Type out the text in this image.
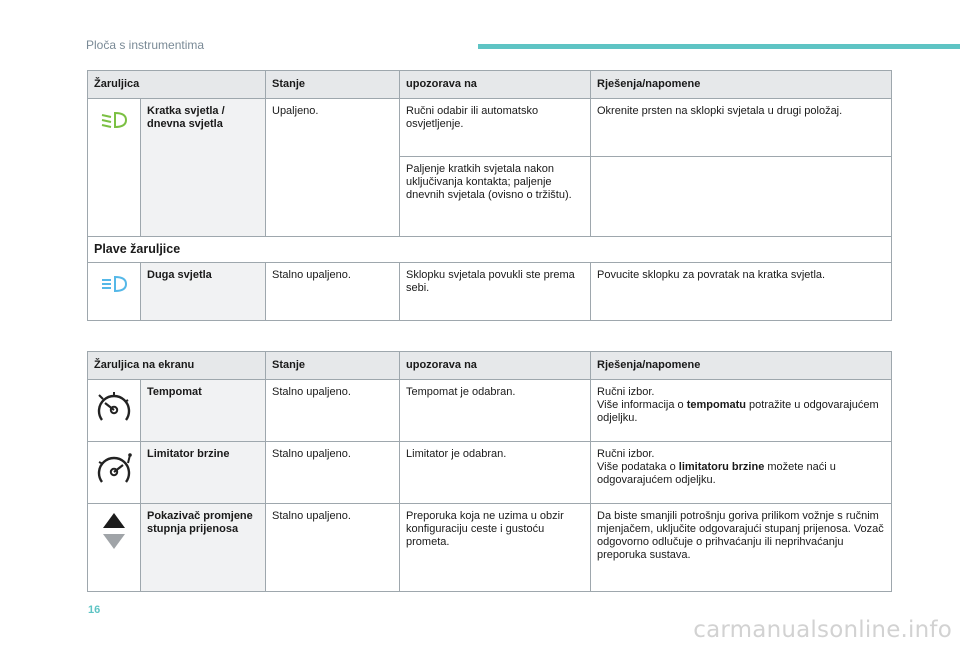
Ploča s instrumentima
Žaruljica		Stanje	upozorava na	Rješenja/napomene

	Kratka svjetla / dnevna svjetla	Upaljeno.	Ručni odabir ili automatsko osvjetljenje.	Okrenite prsten na sklopki svjetala u drugi položaj.
			Paljenje kratkih svjetala nakon uključivanja kontakta; paljenje dnevnih svjetala (ovisno o tržištu).	
Plave žaruljice				

	Duga svjetla	Stalno upaljeno.	Sklopku svjetala povukli ste prema sebi.	Povucite sklopku za povratak na kratka svjetla.
Žaruljica na ekranu		Stanje	upozorava na	Rješenja/napomene

	Tempomat	Stalno upaljeno.	Tempomat je odabran.	Ručni izbor.
Više informacija o tempomatu potražite u odgovarajućem odjeljku.

	Limitator brzine	Stalno upaljeno.	Limitator je odabran.	Ručni izbor.
Više podataka o limitatoru brzine možete naći u odgovarajućem odjeljku.

	Pokazivač promjene stupnja prijenosa	Stalno upaljeno.	Preporuka koja ne uzima u obzir konfiguraciju ceste i gustoću prometa.	Da biste smanjili potrošnju goriva prilikom vožnje s ručnim mjenjačem, uključite odgovarajući stupanj prijenosa. Vozač odgovorno odlučuje o prihvaćanju ili neprihvaćanju preporuka sustava.
16
carmanualsonline.info
